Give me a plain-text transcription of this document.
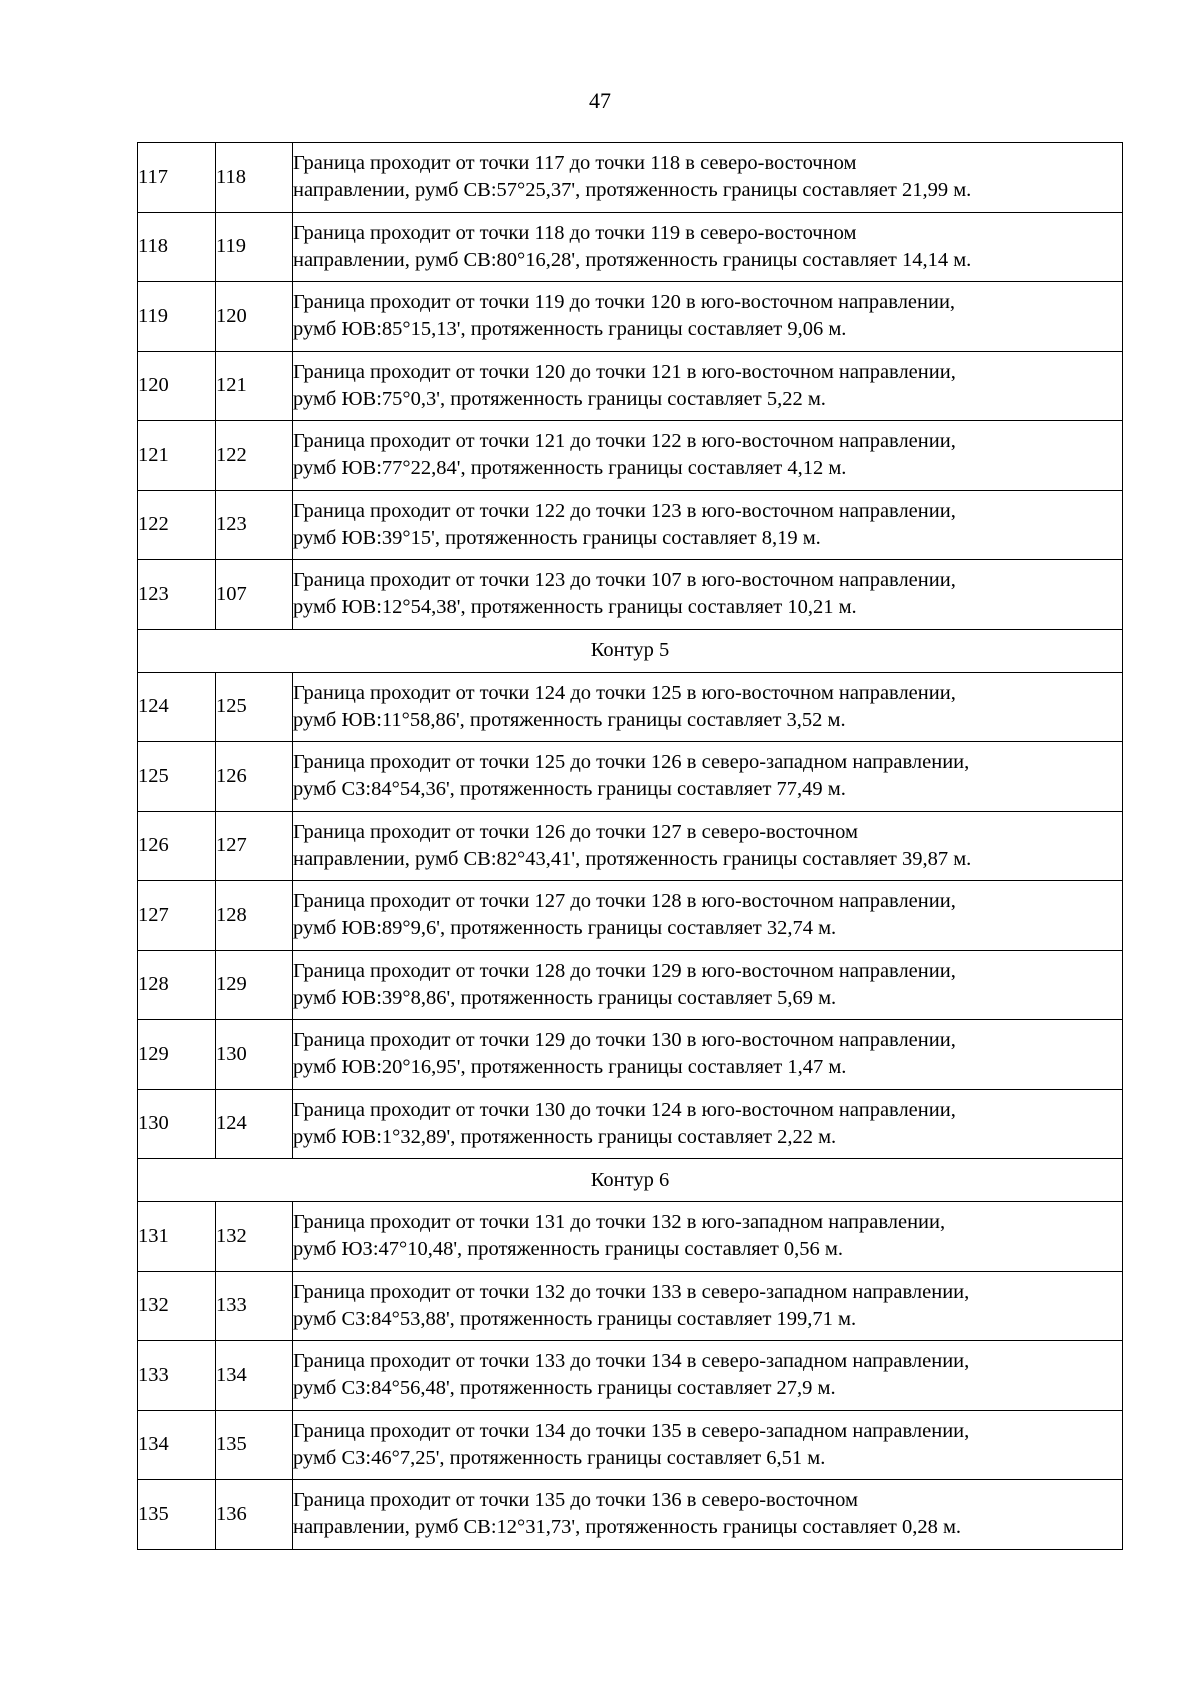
47
117	118	Граница проходит от точки 117 до точки 118 в северо-восточном
направлении, румб СВ:57°25,37', протяженность границы составляет 21,99 м.
118	119	Граница проходит от точки 118 до точки 119 в северо-восточном
направлении, румб СВ:80°16,28', протяженность границы составляет 14,14 м.
119	120	Граница проходит от точки 119 до точки 120 в юго-восточном направлении,
румб ЮВ:85°15,13', протяженность границы составляет 9,06 м.
120	121	Граница проходит от точки 120 до точки 121 в юго-восточном направлении,
румб ЮВ:75°0,3', протяженность границы составляет 5,22 м.
121	122	Граница проходит от точки 121 до точки 122 в юго-восточном направлении,
румб ЮВ:77°22,84', протяженность границы составляет 4,12 м.
122	123	Граница проходит от точки 122 до точки 123 в юго-восточном направлении,
румб ЮВ:39°15', протяженность границы составляет 8,19 м.
123	107	Граница проходит от точки 123 до точки 107 в юго-восточном направлении,
румб ЮВ:12°54,38', протяженность границы составляет 10,21 м.
Контур 5		
124	125	Граница проходит от точки 124 до точки 125 в юго-восточном направлении,
румб ЮВ:11°58,86', протяженность границы составляет 3,52 м.
125	126	Граница проходит от точки 125 до точки 126 в северо-западном направлении,
румб СЗ:84°54,36', протяженность границы составляет 77,49 м.
126	127	Граница проходит от точки 126 до точки 127 в северо-восточном
направлении, румб СВ:82°43,41', протяженность границы составляет 39,87 м.
127	128	Граница проходит от точки 127 до точки 128 в юго-восточном направлении,
румб ЮВ:89°9,6', протяженность границы составляет 32,74 м.
128	129	Граница проходит от точки 128 до точки 129 в юго-восточном направлении,
румб ЮВ:39°8,86', протяженность границы составляет 5,69 м.
129	130	Граница проходит от точки 129 до точки 130 в юго-восточном направлении,
румб ЮВ:20°16,95', протяженность границы составляет 1,47 м.
130	124	Граница проходит от точки 130 до точки 124 в юго-восточном направлении,
румб ЮВ:1°32,89', протяженность границы составляет 2,22 м.
Контур 6		
131	132	Граница проходит от точки 131 до точки 132 в юго-западном направлении,
румб ЮЗ:47°10,48', протяженность границы составляет 0,56 м.
132	133	Граница проходит от точки 132 до точки 133 в северо-западном направлении,
румб СЗ:84°53,88', протяженность границы составляет 199,71 м.
133	134	Граница проходит от точки 133 до точки 134 в северо-западном направлении,
румб СЗ:84°56,48', протяженность границы составляет 27,9 м.
134	135	Граница проходит от точки 134 до точки 135 в северо-западном направлении,
румб СЗ:46°7,25', протяженность границы составляет 6,51 м.
135	136	Граница проходит от точки 135 до точки 136 в северо-восточном
направлении, румб СВ:12°31,73', протяженность границы составляет 0,28 м.
